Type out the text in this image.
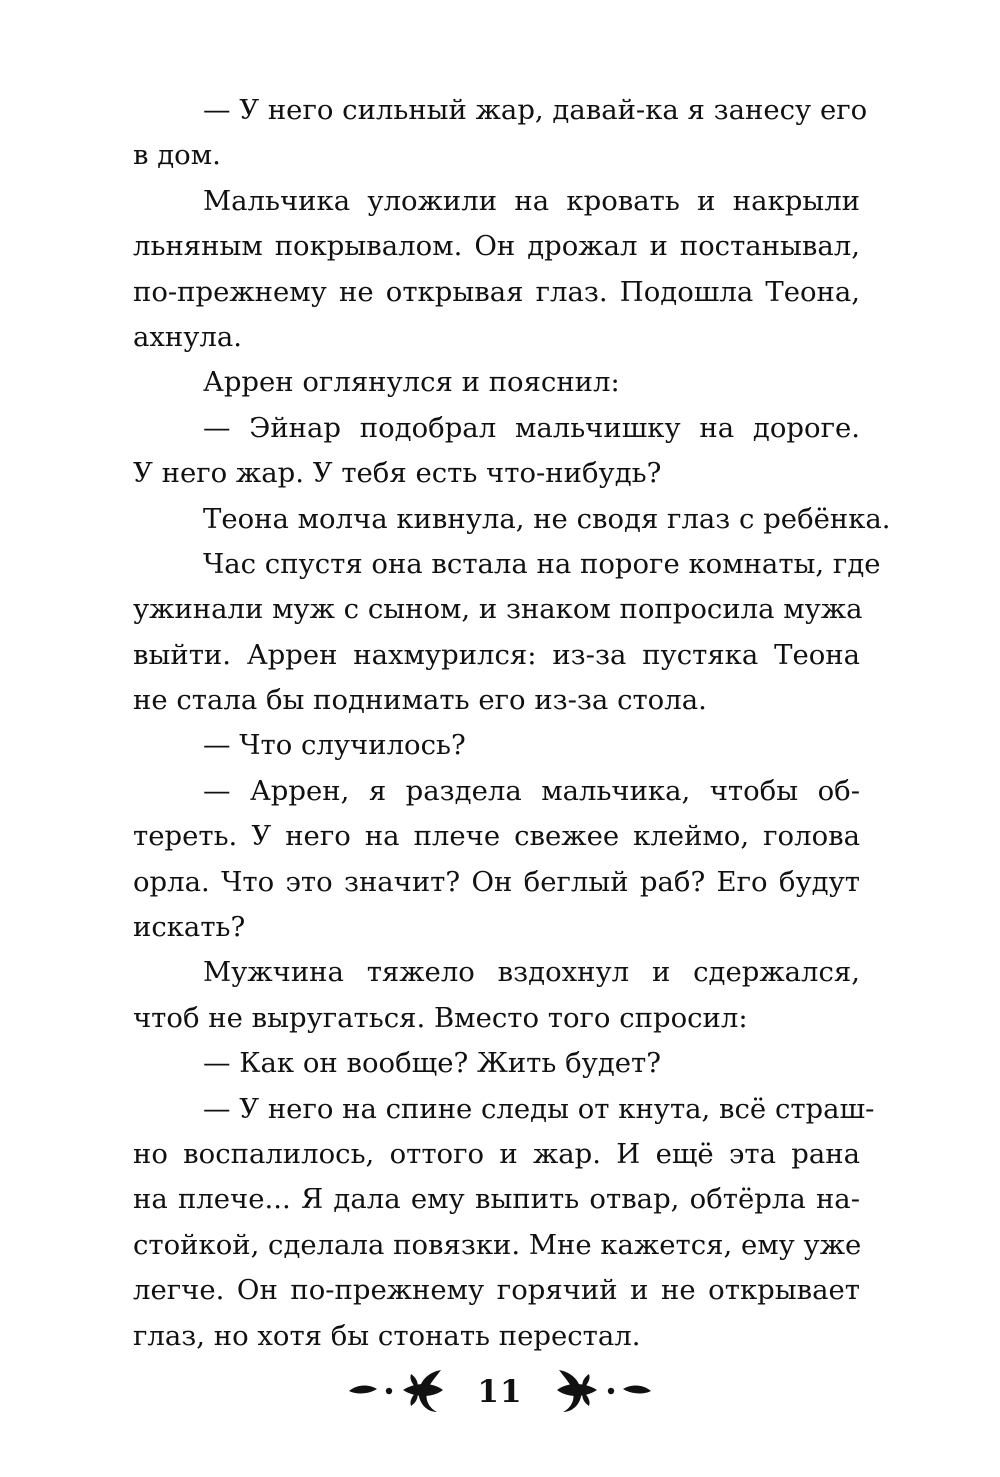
— У него сильный жар, давай-ка я занесу его
в дом.
Мальчика уложили на кровать и накрыли
льняным покрывалом. Он дрожал и постанывал,
по-прежнему не открывая глаз. Подошла Теона,
ахнула.
Аррен оглянулся и пояснил:
— Эйнар подобрал мальчишку на дороге.
У него жар. У тебя есть что-нибудь?
Теона молча кивнула, не сводя глаз с ребёнка.
Час спустя она встала на пороге комнаты, где
ужинали муж с сыном, и знаком попросила мужа
выйти. Аррен нахмурился: из-за пустяка Теона
не стала бы поднимать его из-за стола.
— Что случилось?
— Аррен, я раздела мальчика, чтобы об-
тереть. У него на плече свежее клеймо, голова
орла. Что это значит? Он беглый раб? Его будут
искать?
Мужчина тяжело вздохнул и сдержался,
чтоб не выругаться. Вместо того спросил:
— Как он вообще? Жить будет?
— У него на спине следы от кнута, всё страш-
но воспалилось, оттого и жар. И ещё эта рана
на плече... Я дала ему выпить отвар, обтёрла на-
стойкой, сделала повязки. Мне кажется, ему уже
легче. Он по-прежнему горячий и не открывает
глаз, но хотя бы стонать перестал.
11
